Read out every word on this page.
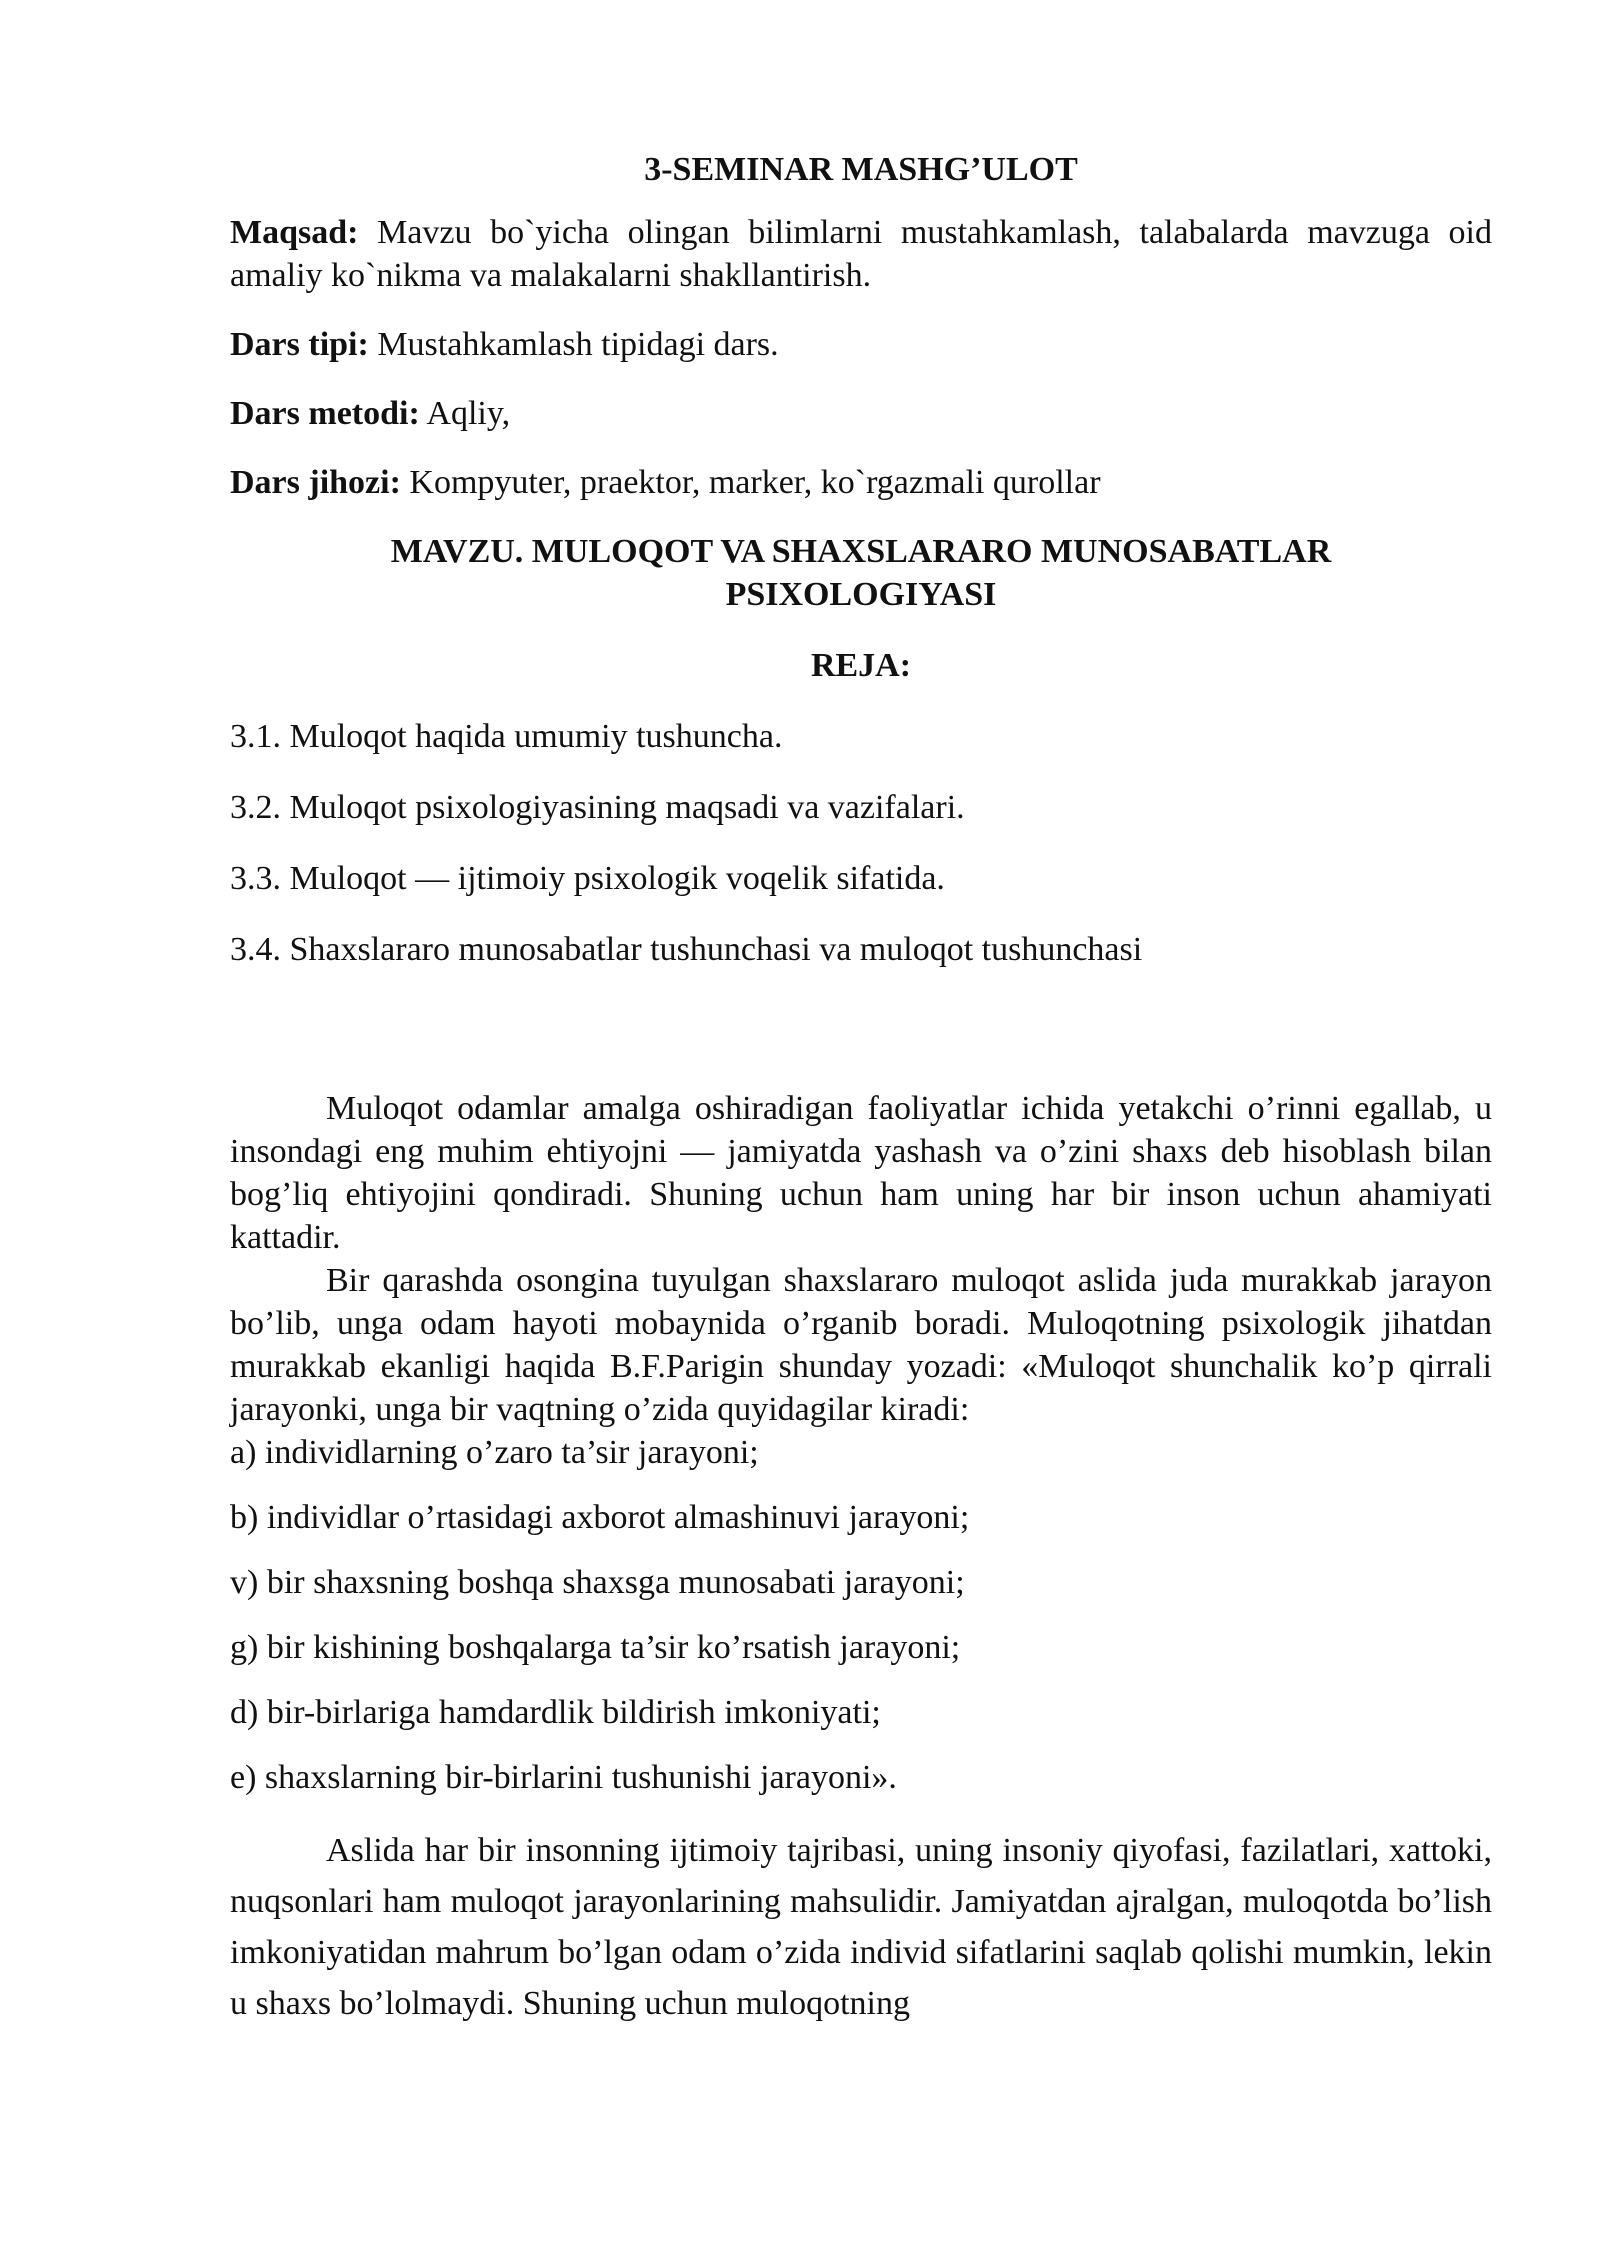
3-SEMINAR MASHG’ULOT
Maqsad: Mavzu bo`yicha olingan bilimlarni mustahkamlash, talabalarda mavzuga oid amaliy ko`nikma va malakalarni shakllantirish.
Dars tipi: Mustahkamlash tipidagi dars.
Dars metodi: Aqliy,
Dars jihozi: Kompyuter, praektor, marker, ko`rgazmali qurollar
MAVZU. MULOQOT VA SHAXSLARARO MUNOSABATLAR
PSIXOLOGIYASI
REJA:
3.1. Muloqot haqida umumiy tushuncha.
3.2. Muloqot psixologiyasining maqsadi va vazifalari.
3.3. Muloqot — ijtimoiy psixologik voqelik sifatida.
3.4. Shaxslararo munosabatlar tushunchasi va muloqot tushunchasi

Muloqot odamlar amalga oshiradigan faoliyatlar ichida yetakchi o’rinni egallab, u insondagi eng muhim ehtiyojni — jamiyatda yashash va o’zini shaxs deb hisoblash bilan bog’liq ehtiyojini qondiradi. Shuning uchun ham uning har bir inson uchun ahamiyati kattadir.

Bir qarashda osongina tuyulgan shaxslararo muloqot aslida juda murakkab jarayon bo’lib, unga odam hayoti mobaynida o’rganib boradi. Muloqotning psixologik jihatdan murakkab ekanligi haqida B.F.Parigin shunday yozadi: «Muloqot shunchalik ko’p qirrali jarayonki, unga bir vaqtning o’zida quyidagilar kiradi:

a) individlarning o’zaro ta’sir jarayoni;
b) individlar o’rtasidagi axborot almashinuvi jarayoni;
v) bir shaxsning boshqa shaxsga munosabati jarayoni;
g) bir kishining boshqalarga ta’sir ko’rsatish jarayoni;
d) bir-birlariga hamdardlik bildirish imkoniyati;
e) shaxslarning bir-birlarini tushunishi jarayoni».

Aslida har bir insonning ijtimoiy tajribasi, uning insoniy qiyofasi, fazilatlari, xattoki, nuqsonlari ham muloqot jarayonlarining mahsulidir. Jamiyatdan ajralgan, muloqotda bo’lish imkoniyatidan mahrum bo’lgan odam o’zida individ sifatlarini saqlab qolishi mumkin, lekin u shaxs bo’lolmaydi. Shuning uchun muloqotning
